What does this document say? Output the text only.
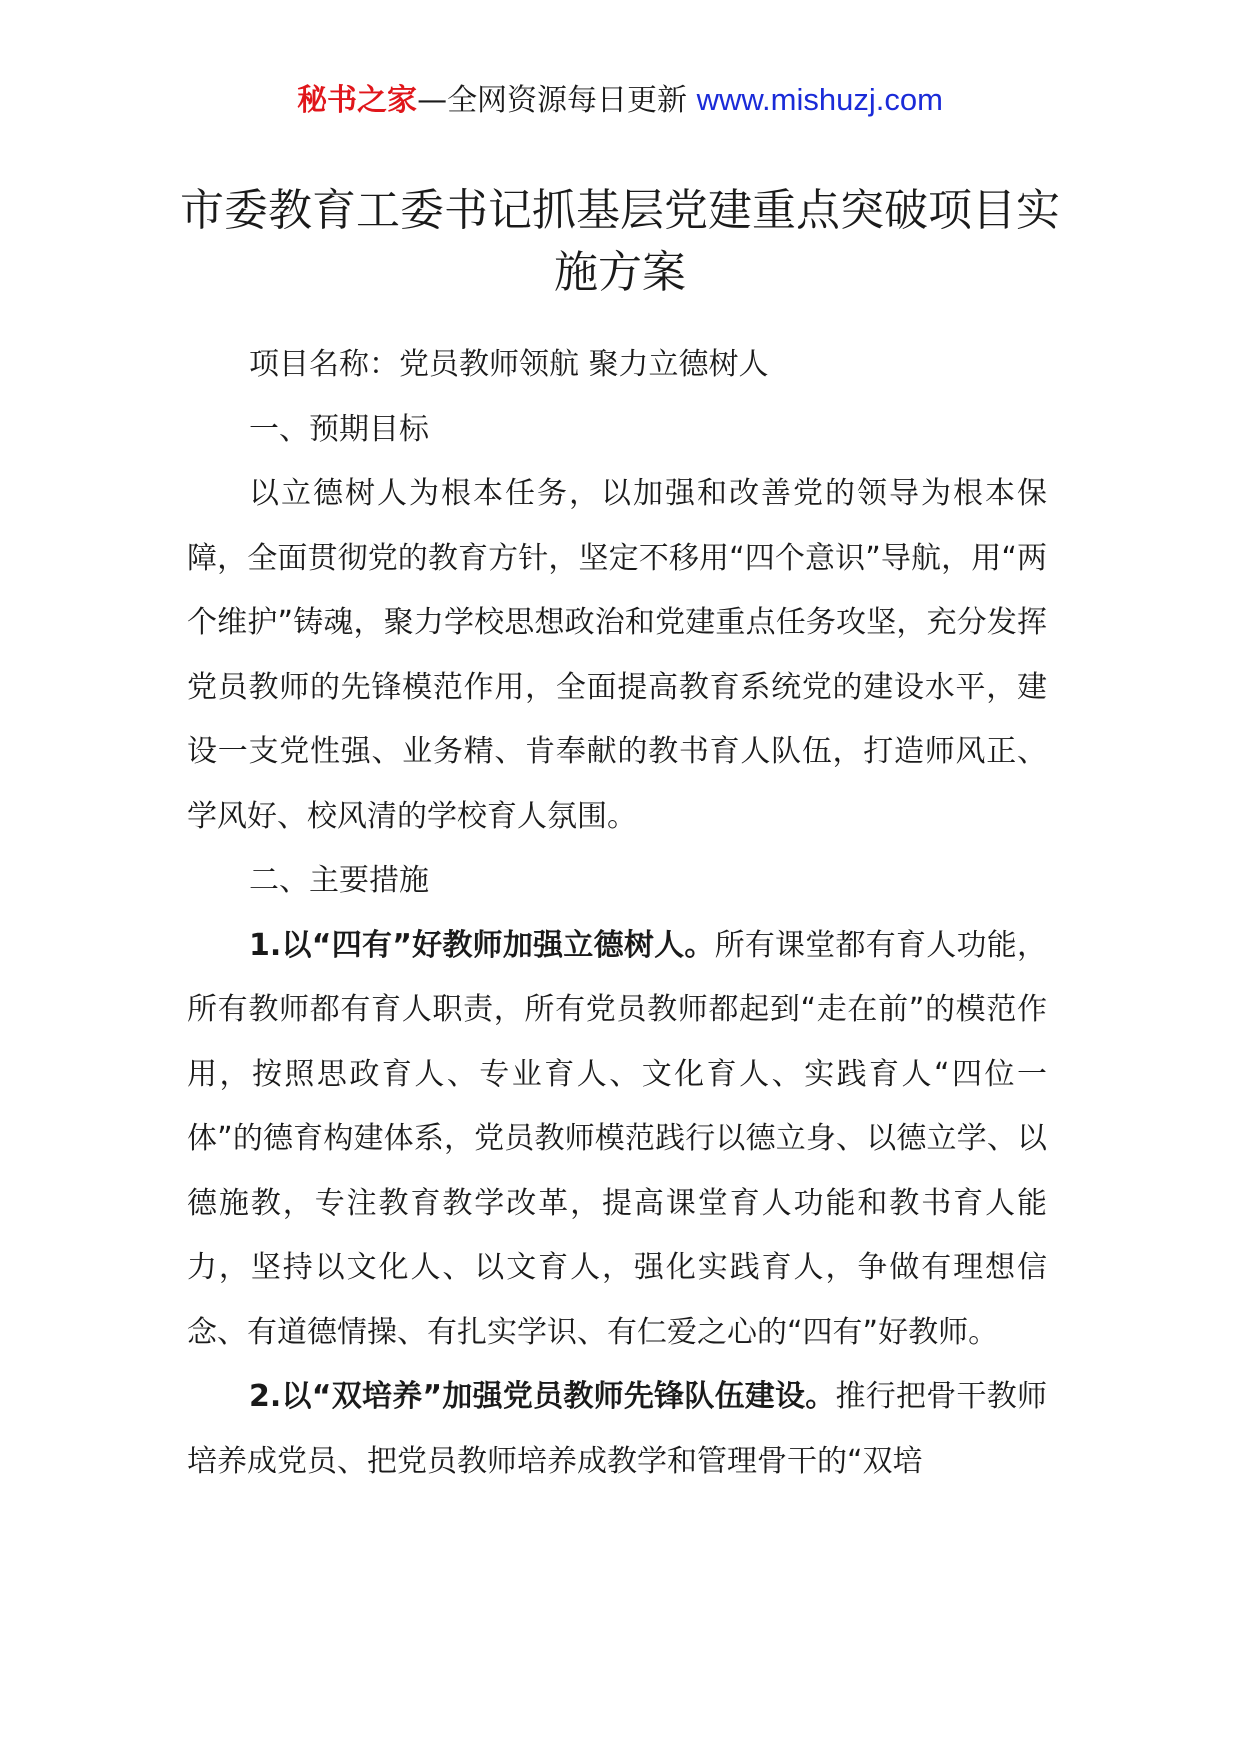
秘书之家—全网资源每日更新 www.mishuzj.com
市委教育工委书记抓基层党建重点突破项目实施方案

项目名称：党员教师领航 聚力立德树人

一、预期目标

以立德树人为根本任务，以加强和改善党的领导为根本保障，全面贯彻党的教育方针，坚定不移用“四个意识”导航，用“两个维护”铸魂，聚力学校思想政治和党建重点任务攻坚，充分发挥党员教师的先锋模范作用，全面提高教育系统党的建设水平，建设一支党性强、业务精、肯奉献的教书育人队伍，打造师风正、学风好、校风清的学校育人氛围。

二、主要措施

1.以“四有”好教师加强立德树人。所有课堂都有育人功能，所有教师都有育人职责，所有党员教师都起到“走在前”的模范作用，按照思政育人、专业育人、文化育人、实践育人“四位一体”的德育构建体系，党员教师模范践行以德立身、以德立学、以德施教，专注教育教学改革，提高课堂育人功能和教书育人能力，坚持以文化人、以文育人，强化实践育人，争做有理想信念、有道德情操、有扎实学识、有仁爱之心的“四有”好教师。

2.以“双培养”加强党员教师先锋队伍建设。推行把骨干教师培养成党员、把党员教师培养成教学和管理骨干的“双培
